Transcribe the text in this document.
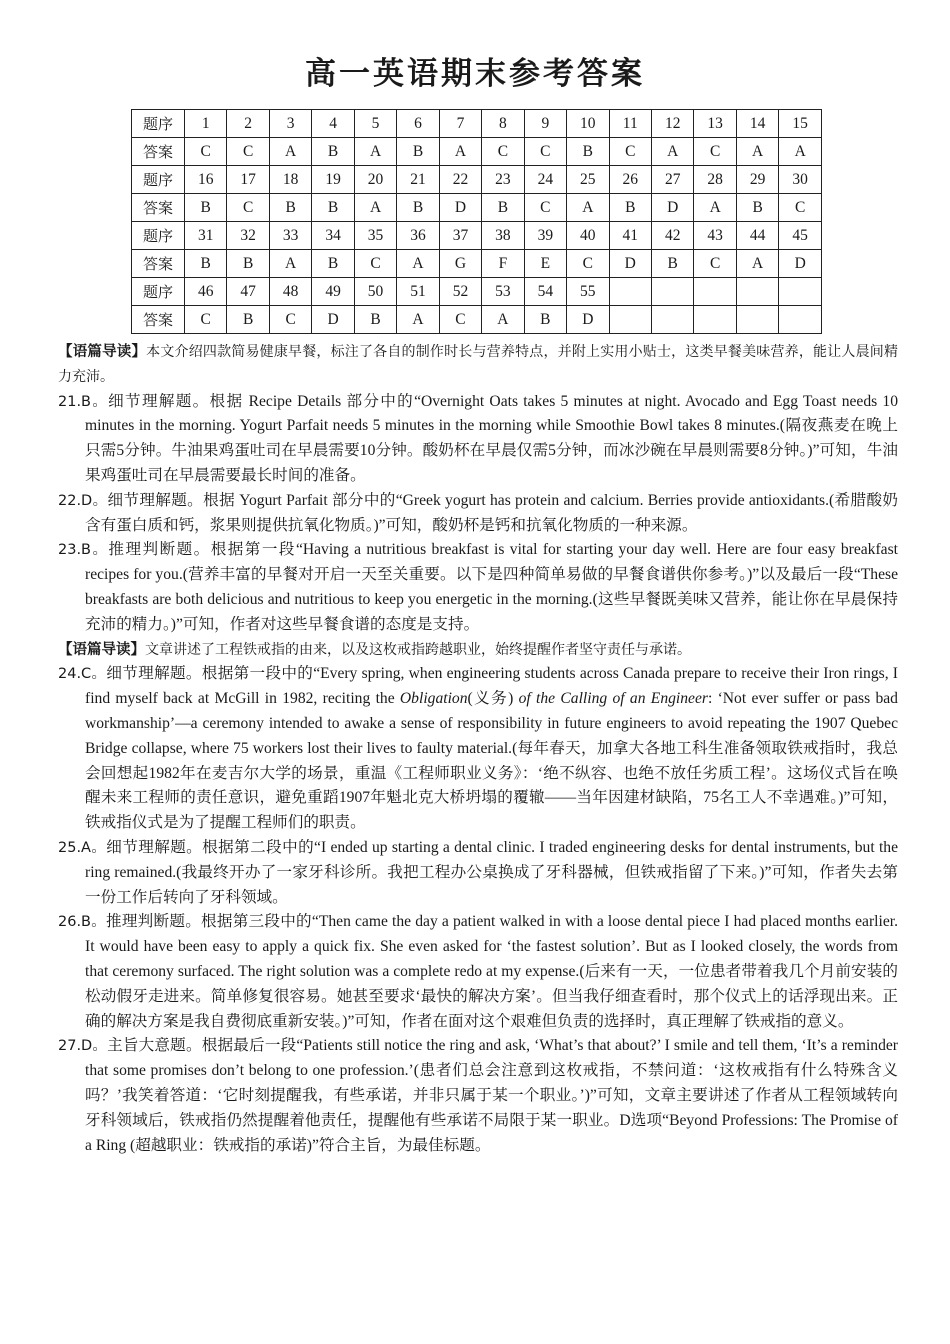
高一英语期末参考答案
题序	1	2	3	4	5	6	7	8	9	10	11	12	13	14	15
答案	C	C	A	B	A	B	A	C	C	B	C	A	C	A	A
题序	16	17	18	19	20	21	22	23	24	25	26	27	28	29	30
答案	B	C	B	B	A	B	D	B	C	A	B	D	A	B	C
题序	31	32	33	34	35	36	37	38	39	40	41	42	43	44	45
答案	B	B	A	B	C	A	G	F	E	C	D	B	C	A	D
题序	46	47	48	49	50	51	52	53	54	55					
答案	C	B	C	D	B	A	C	A	B	D					

【语篇导读】本文介绍四款简易健康早餐，标注了各自的制作时长与营养特点，并附上实用小贴士，这类早餐美味营养，能让人晨间精力充沛。

21.B。细节理解题。根据 Recipe Details 部分中的“Overnight Oats takes 5 minutes at night. Avocado and Egg Toast needs 10 minutes in the morning. Yogurt Parfait needs 5 minutes in the morning while Smoothie Bowl takes 8 minutes.(隔夜燕麦在晚上只需5分钟。牛油果鸡蛋吐司在早晨需要10分钟。酸奶杯在早晨仅需5分钟，而冰沙碗在早晨则需要8分钟。)”可知，牛油果鸡蛋吐司在早晨需要最长时间的准备。

22.D。细节理解题。根据 Yogurt Parfait 部分中的“Greek yogurt has protein and calcium. Berries provide antioxidants.(希腊酸奶含有蛋白质和钙，浆果则提供抗氧化物质。)”可知，酸奶杯是钙和抗氧化物质的一种来源。

23.B。推理判断题。根据第一段“Having a nutritious breakfast is vital for starting your day well. Here are four easy breakfast recipes for you.(营养丰富的早餐对开启一天至关重要。以下是四种简单易做的早餐食谱供你参考。)”以及最后一段“These breakfasts are both delicious and nutritious to keep you energetic in the morning.(这些早餐既美味又营养，能让你在早晨保持充沛的精力。)”可知，作者对这些早餐食谱的态度是支持。

【语篇导读】文章讲述了工程铁戒指的由来，以及这枚戒指跨越职业，始终提醒作者坚守责任与承诺。

24.C。细节理解题。根据第一段中的“Every spring, when engineering students across Canada prepare to receive their Iron rings, I find myself back at McGill in 1982, reciting the Obligation(义务) of the Calling of an Engineer: ‘Not ever suffer or pass bad workmanship’—a ceremony intended to awake a sense of responsibility in future engineers to avoid repeating the 1907 Quebec Bridge collapse, where 75 workers lost their lives to faulty material.(每年春天，加拿大各地工科生准备领取铁戒指时，我总会回想起1982年在麦吉尔大学的场景，重温《工程师职业义务》：‘绝不纵容、也绝不放任劣质工程’。这场仪式旨在唤醒未来工程师的责任意识，避免重蹈1907年魁北克大桥坍塌的覆辙——当年因建材缺陷，75名工人不幸遇难。)”可知，铁戒指仪式是为了提醒工程师们的职责。

25.A。细节理解题。根据第二段中的“I ended up starting a dental clinic. I traded engineering desks for dental instruments, but the ring remained.(我最终开办了一家牙科诊所。我把工程办公桌换成了牙科器械，但铁戒指留了下来。)”可知，作者失去第一份工作后转向了牙科领域。

26.B。推理判断题。根据第三段中的“Then came the day a patient walked in with a loose dental piece I had placed months earlier. It would have been easy to apply a quick fix. She even asked for ‘the fastest solution’. But as I looked closely, the words from that ceremony surfaced. The right solution was a complete redo at my expense.(后来有一天，一位患者带着我几个月前安装的松动假牙走进来。简单修复很容易。她甚至要求‘最快的解决方案’。但当我仔细查看时，那个仪式上的话浮现出来。正确的解决方案是我自费彻底重新安装。)”可知，作者在面对这个艰难但负责的选择时，真正理解了铁戒指的意义。

27.D。主旨大意题。根据最后一段“Patients still notice the ring and ask, ‘What’s that about?’ I smile and tell them, ‘It’s a reminder that some promises don’t belong to one profession.’(患者们总会注意到这枚戒指，不禁问道：‘这枚戒指有什么特殊含义吗？’我笑着答道：‘它时刻提醒我，有些承诺，并非只属于某一个职业。’)”可知，文章主要讲述了作者从工程领域转向牙科领域后，铁戒指仍然提醒着他责任，提醒他有些承诺不局限于某一职业。D选项“Beyond Professions: The Promise of a Ring (超越职业：铁戒指的承诺)”符合主旨，为最佳标题。
